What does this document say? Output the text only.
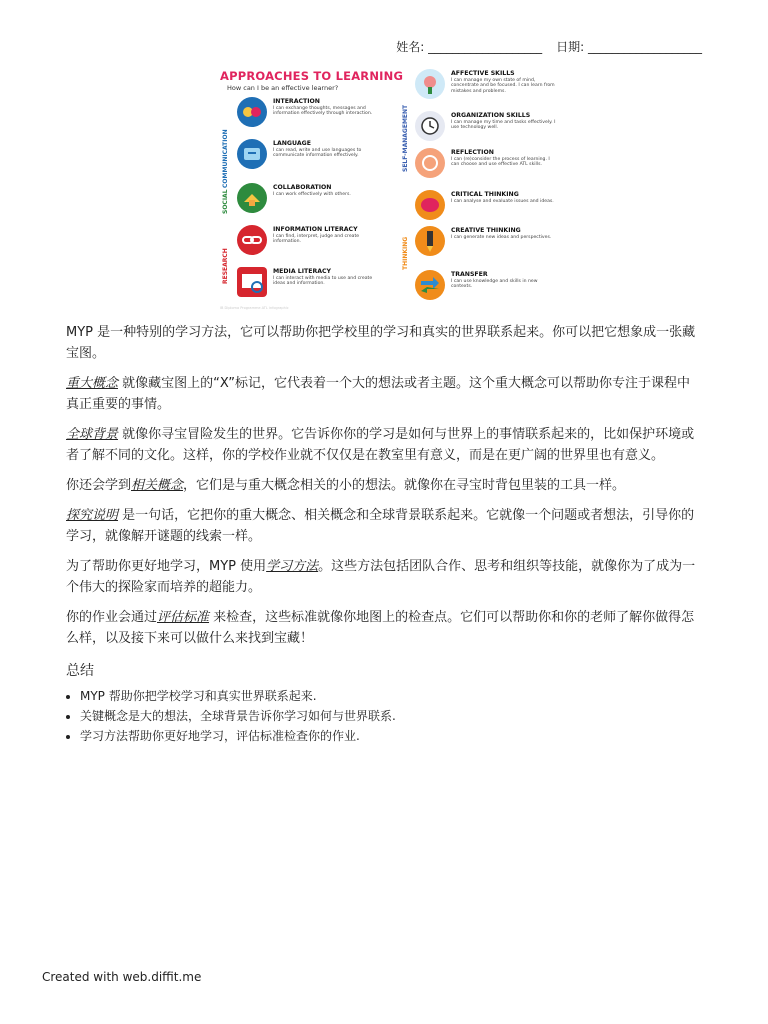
姓名: ___________________ 日期: ___________________
APPROACHES TO LEARNING
How can I be an effective learner?
COMMUNICATION
SOCIAL
RESEARCH
SELF-MANAGEMENT
THINKING
INTERACTION
I can exchange thoughts, messages and information effectively through interaction.
LANGUAGE
I can read, write and use languages to communicate information effectively.
COLLABORATION
I can work effectively with others.
INFORMATION LITERACY
I can find, interpret, judge and create information.
MEDIA LITERACY
I can interact with media to use and create ideas and information.
AFFECTIVE SKILLS
I can manage my own state of mind, concentrate and be focused. I can learn from mistakes and problems.
ORGANIZATION SKILLS
I can manage my time and tasks effectively. I use technology well.
REFLECTION
I can (re)consider the process of learning. I can choose and use effective ATL skills.
CRITICAL THINKING
I can analyse and evaluate issues and ideas.
CREATIVE THINKING
I can generate new ideas and perspectives.
TRANSFER
I can use knowledge and skills in new contexts.
IB Diploma Programme ATL infographic

MYP 是一种特别的学习方法，它可以帮助你把学校里的学习和真实的世界联系起来。你可以把它想象成一张藏宝图。

重大概念 就像藏宝图上的“X”标记，它代表着一个大的想法或者主题。这个重大概念可以帮助你专注于课程中真正重要的事情。

全球背景 就像你寻宝冒险发生的世界。它告诉你你的学习是如何与世界上的事情联系起来的，比如保护环境或者了解不同的文化。这样，你的学校作业就不仅仅是在教室里有意义，而是在更广阔的世界里也有意义。

你还会学到相关概念，它们是与重大概念相关的小的想法。就像你在寻宝时背包里装的工具一样。

探究说明 是一句话，它把你的重大概念、相关概念和全球背景联系起来。它就像一个问题或者想法，引导你的学习，就像解开谜题的线索一样。

为了帮助你更好地学习，MYP 使用学习方法。这些方法包括团队合作、思考和组织等技能，就像你为了成为一个伟大的探险家而培养的超能力。

你的作业会通过评估标准 来检查，这些标准就像你地图上的检查点。它们可以帮助你和你的老师了解你做得怎么样，以及接下来可以做什么来找到宝藏！

总结
• MYP 帮助你把学校学习和真实世界联系起来.
• 关键概念是大的想法，全球背景告诉你学习如何与世界联系.
• 学习方法帮助你更好地学习，评估标准检查你的作业.
Created with web.diffit.me
